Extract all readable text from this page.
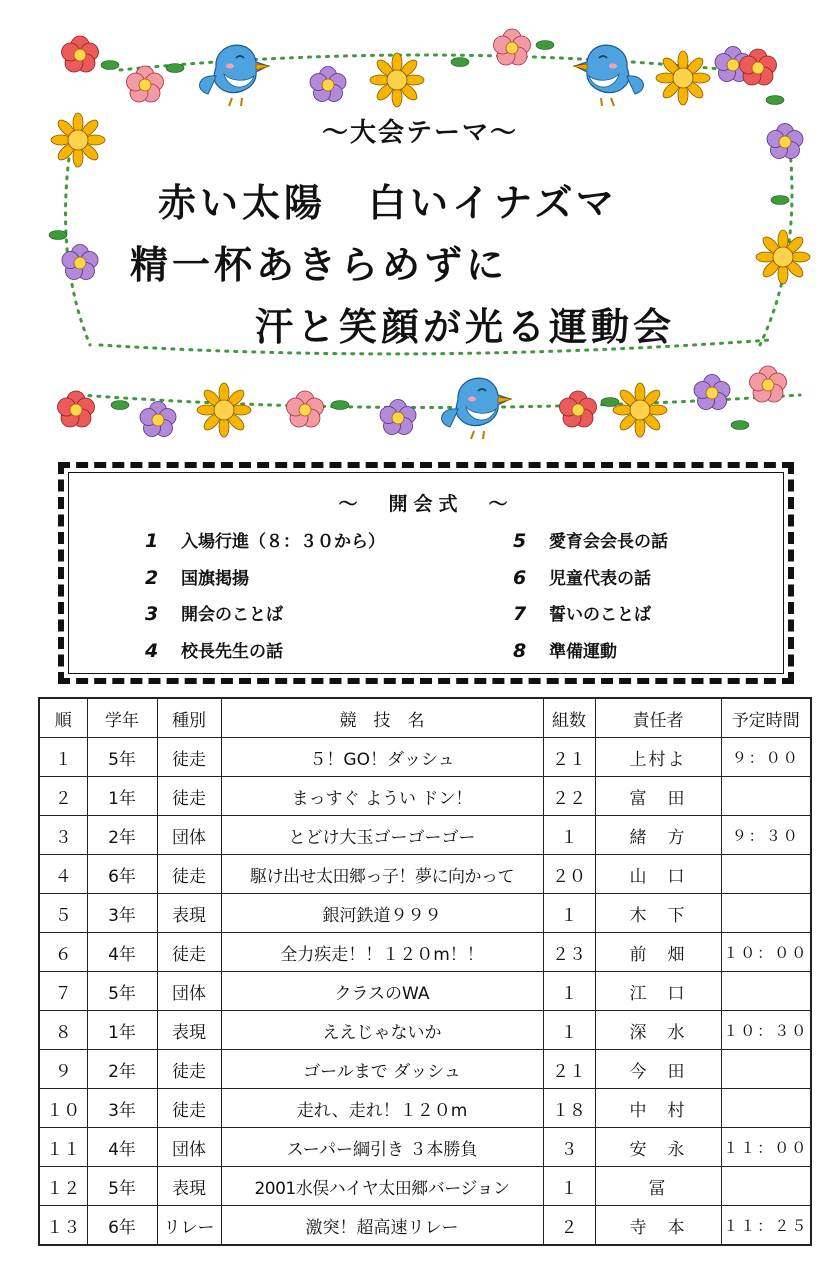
～大会テーマ～
赤い太陽　白いイナズマ
精一杯あきらめずに
汗と笑顔が光る運動会
～　開会式　～
1 入場行進（８：３０から）
2 国旗掲揚
3 開会のことば
4 校長先生の話
5 愛育会会長の話
6 児童代表の話
7 誓いのことば
8 準備運動
順	学年	種別	競　技　名	組数	責任者	予定時間
１	5年	徒走	５！GO！ダッシュ	２１	上村よ	９：００
２	1年	徒走	まっすぐ ようい ドン！	２２	富　田	
３	2年	団体	とどけ大玉ゴーゴーゴー	１	緒　方	９：３０
４	6年	徒走	駆け出せ太田郷っ子！夢に向かって	２０	山　口	
５	3年	表現	銀河鉄道９９９	１	木　下	
６	4年	徒走	全力疾走！！１２０m！！	２３	前　畑	１０：００
７	5年	団体	クラスのWA	１	江　口	
８	1年	表現	ええじゃないか	１	深　水	１０：３０
９	2年	徒走	ゴールまで ダッシュ	２１	今　田	
１０	3年	徒走	走れ、走れ！１２０m	１８	中　村	
１１	4年	団体	スーパー綱引き ３本勝負	３	安　永	１１：００
１２	5年	表現	2001水俣ハイヤ太田郷バージョン	１	冨	
１３	6年	リレー	激突！超高速リレー	２	寺　本	１１：２５
